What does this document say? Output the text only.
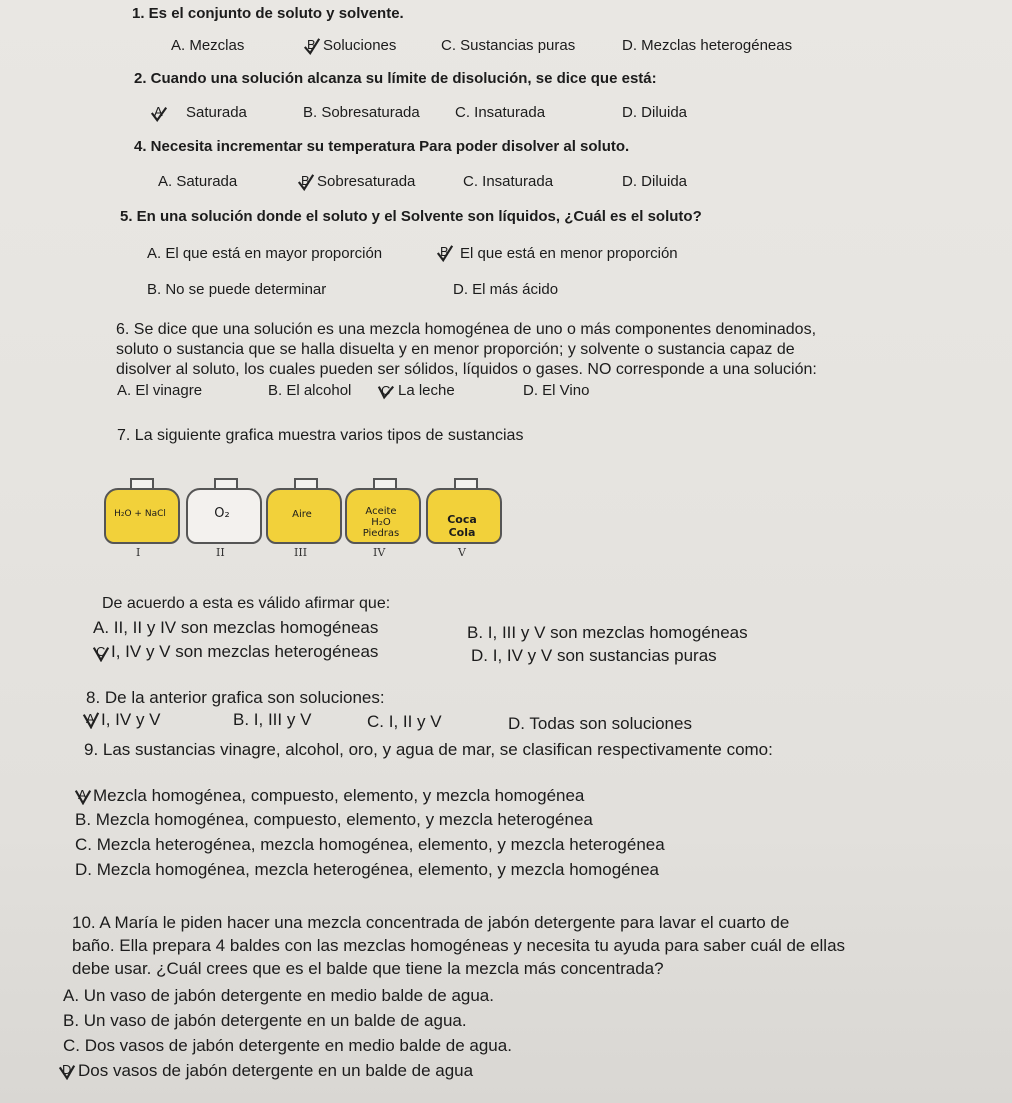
1. Es el conjunto de soluto y solvente.
A. Mezclas	B Soluciones	C. Sustancias puras	D. Mezclas heterogéneas
2. Cuando una solución alcanza su límite de disolución, se dice que está:
A Saturada	B. Sobresaturada C. Insaturada	D. Diluida
4. Necesita incrementar su temperatura Para poder disolver al soluto.
A. Saturada	B Sobresaturada	C. Insaturada	D. Diluida
5. En una solución donde el soluto y el Solvente son líquidos, ¿Cuál es el soluto?
A. El que está en mayor proporción	B El que está en menor proporción
B. No se puede determinar	D. El más ácido
6. Se dice que una solución es una mezcla homogénea de uno o más componentes denominados,
soluto o sustancia que se halla disuelta y en menor proporción; y solvente o sustancia capaz de
disolver al soluto, los cuales pueden ser sólidos, líquidos o gases. NO corresponde a una solución:
A. El vinagre	B. El alcohol C La leche	D. El Vino
7. La siguiente grafica muestra varios tipos de sustancias
H₂O + NaCl
I
O₂
II
Aire
III
Aceite
H₂O
Piedras
IV
Coca
Cola
V
De acuerdo a esta es válido afirmar que:
A. II, II y IV son mezclas homogéneas	B. I, III y V son mezclas homogéneas
C I, IV y V son mezclas heterogéneas	D. I, IV y V son sustancias puras
8. De la anterior grafica son soluciones:
A I, IV y V	B. I, III y V	C. I, II y V	D. Todas son soluciones
9. Las sustancias vinagre, alcohol, oro, y agua de mar, se clasifican respectivamente como:
A Mezcla homogénea, compuesto, elemento, y mezcla homogénea
B. Mezcla homogénea, compuesto, elemento, y mezcla heterogénea
C. Mezcla heterogénea, mezcla homogénea, elemento, y mezcla heterogénea
D. Mezcla homogénea, mezcla heterogénea, elemento, y mezcla homogénea
10. A María le piden hacer una mezcla concentrada de jabón detergente para lavar el cuarto de
baño. Ella prepara 4 baldes con las mezclas homogéneas y necesita tu ayuda para saber cuál de ellas
debe usar. ¿Cuál crees que es el balde que tiene la mezcla más concentrada?
A. Un vaso de jabón detergente en medio balde de agua.
B. Un vaso de jabón detergente en un balde de agua.
C. Dos vasos de jabón detergente en medio balde de agua.
D Dos vasos de jabón detergente en un balde de agua
